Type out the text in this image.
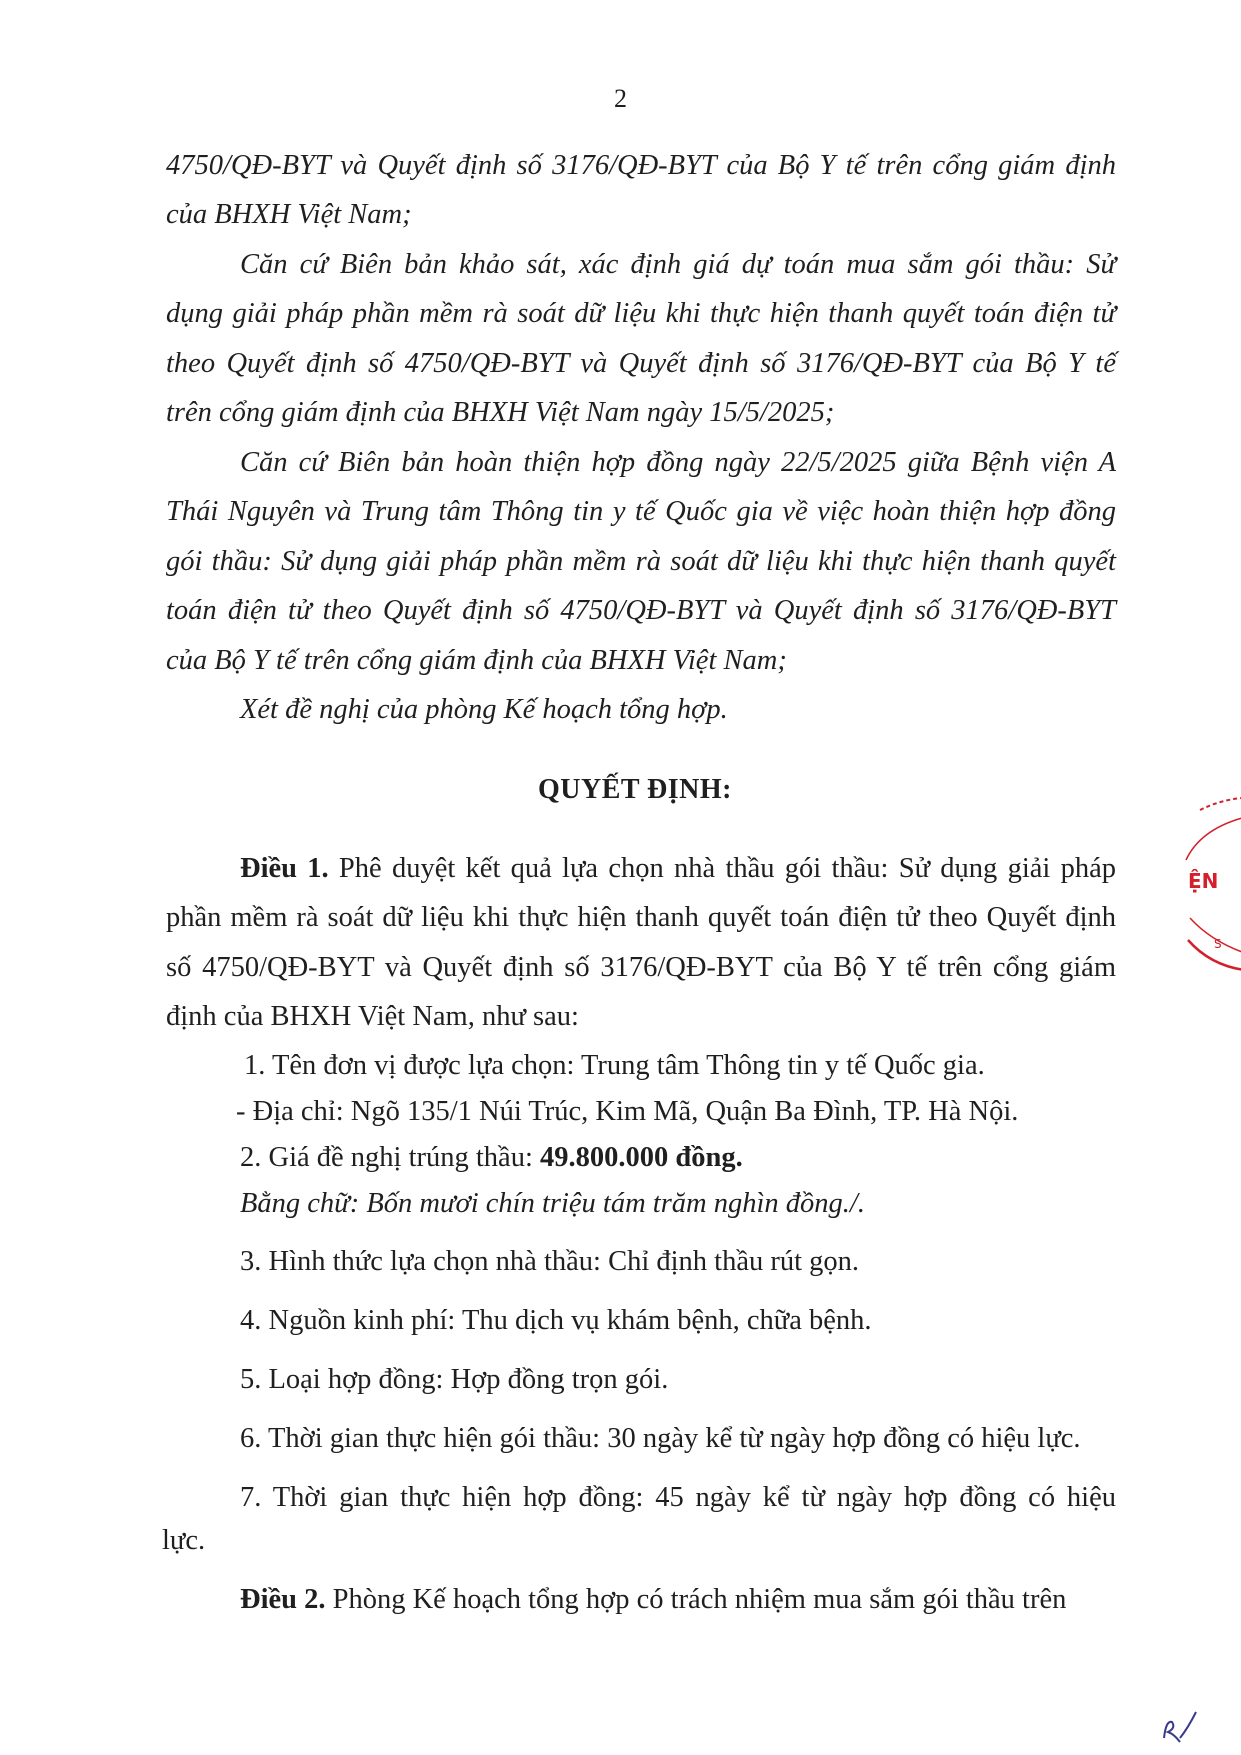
2
4750/QĐ-BYT và Quyết định số 3176/QĐ-BYT của Bộ Y tế trên cổng giám định
của BHXH Việt Nam;
Căn cứ Biên bản khảo sát, xác định giá dự toán mua sắm gói thầu: Sử
dụng giải pháp phần mềm rà soát dữ liệu khi thực hiện thanh quyết toán điện tử
theo Quyết định số 4750/QĐ-BYT và Quyết định số 3176/QĐ-BYT của Bộ Y tế
trên cổng giám định của BHXH Việt Nam ngày 15/5/2025;
Căn cứ Biên bản hoàn thiện hợp đồng ngày 22/5/2025 giữa Bệnh viện A
Thái Nguyên và Trung tâm Thông tin y tế Quốc gia về việc hoàn thiện hợp đồng
gói thầu: Sử dụng giải pháp phần mềm rà soát dữ liệu khi thực hiện thanh quyết
toán điện tử theo Quyết định số 4750/QĐ-BYT và Quyết định số 3176/QĐ-BYT
của Bộ Y tế trên cổng giám định của BHXH Việt Nam;
Xét đề nghị của phòng Kế hoạch tổng hợp.
QUYẾT ĐỊNH:
Điều 1. Phê duyệt kết quả lựa chọn nhà thầu gói thầu: Sử dụng giải pháp
phần mềm rà soát dữ liệu khi thực hiện thanh quyết toán điện tử theo Quyết định
số 4750/QĐ-BYT và Quyết định số 3176/QĐ-BYT của Bộ Y tế trên cổng giám
định của BHXH Việt Nam, như sau:
1. Tên đơn vị được lựa chọn: Trung tâm Thông tin y tế Quốc gia.
- Địa chỉ: Ngõ 135/1 Núi Trúc, Kim Mã, Quận Ba Đình, TP. Hà Nội.
2. Giá đề nghị trúng thầu: 49.800.000 đồng.
Bằng chữ: Bốn mươi chín triệu tám trăm nghìn đồng./.
3. Hình thức lựa chọn nhà thầu: Chỉ định thầu rút gọn.
4. Nguồn kinh phí: Thu dịch vụ khám bệnh, chữa bệnh.
5. Loại hợp đồng: Hợp đồng trọn gói.
6. Thời gian thực hiện gói thầu: 30 ngày kể từ ngày hợp đồng có hiệu lực.
7. Thời gian thực hiện hợp đồng: 45 ngày kể từ ngày hợp đồng có hiệu
lực.
Điều 2. Phòng Kế hoạch tổng hợp có trách nhiệm mua sắm gói thầu trên
ỆN
S
